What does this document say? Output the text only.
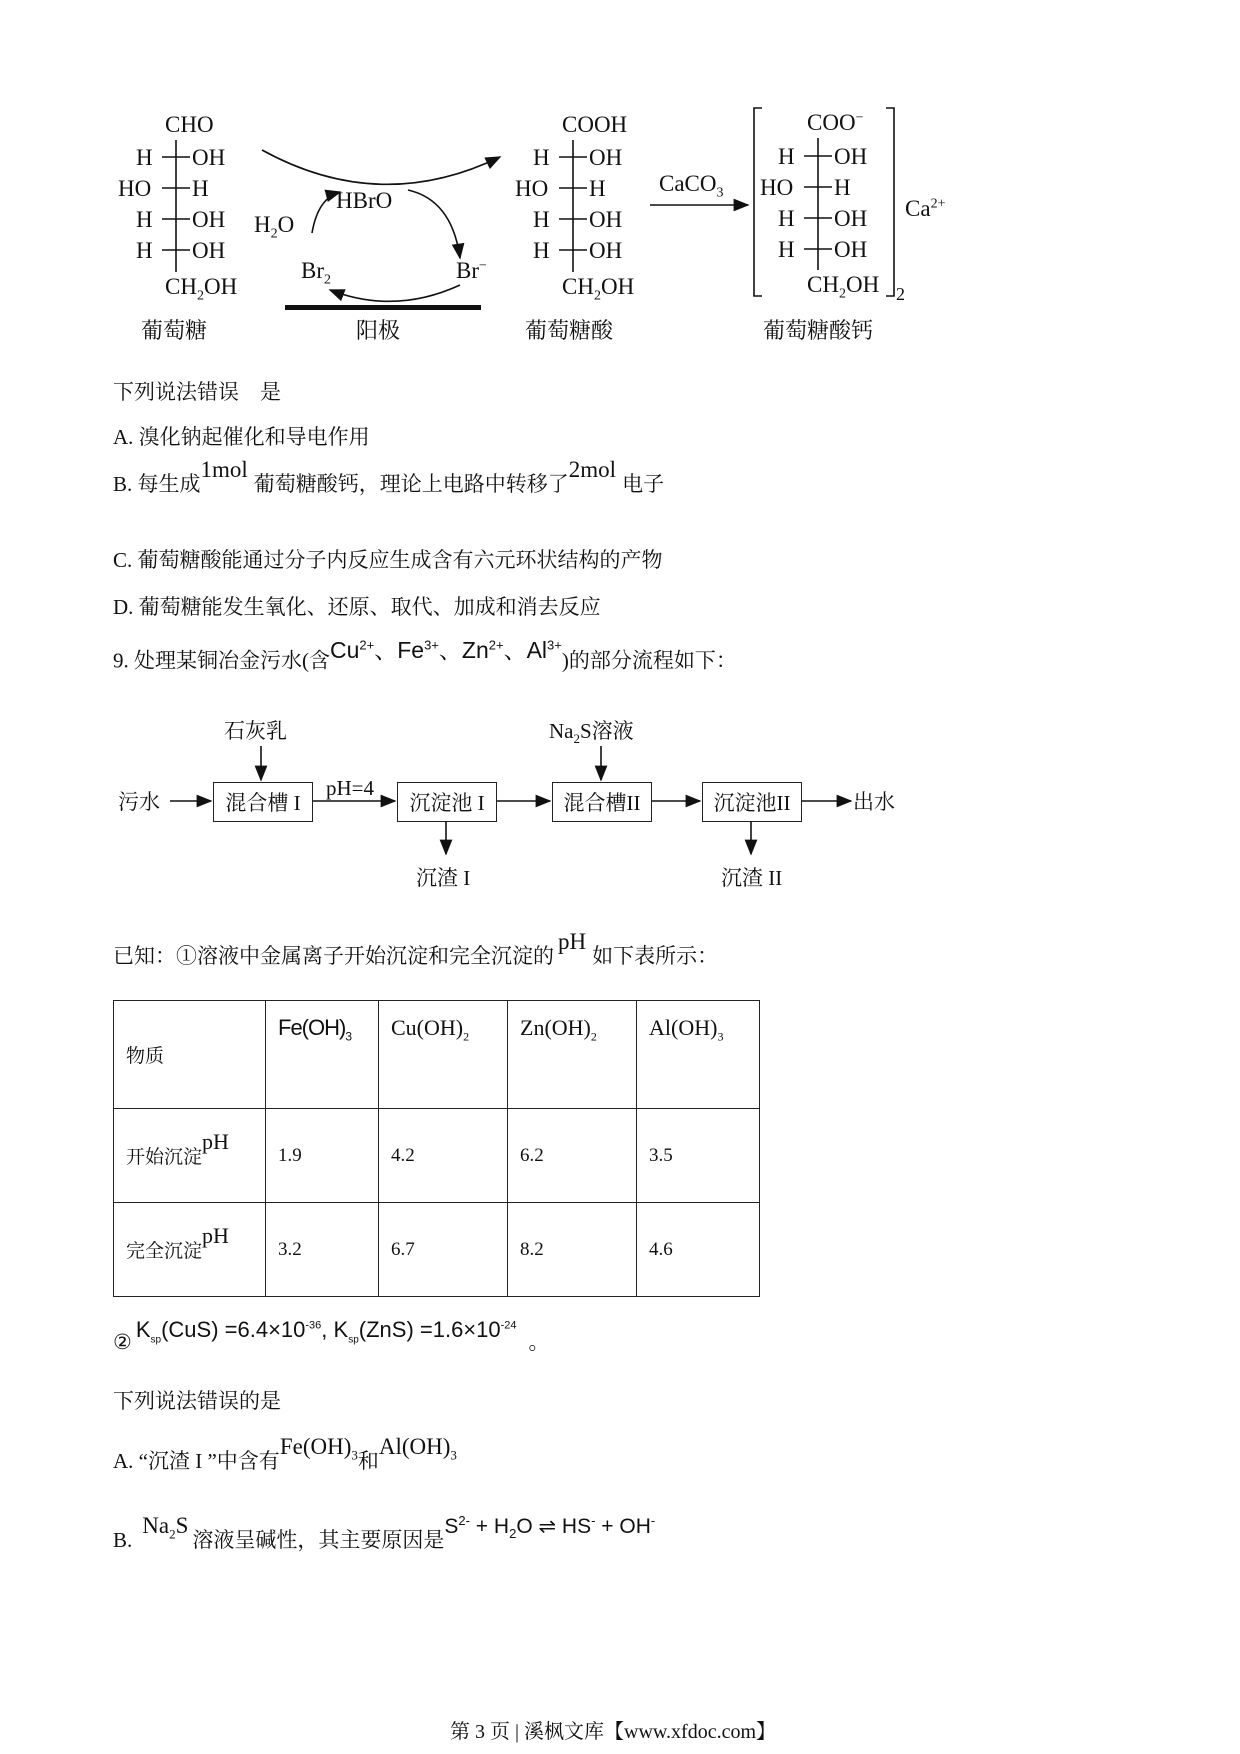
CHO
H OH
HO H
H OH
H OH
$CH_2OH$
葡萄糖
HBrO
$H_2O$
$Br_2$	Br−
阳极
COOH
H OH
HO H
H OH
H OH
$CH_2OH$
葡萄糖酸
CaCO$_3$
COO−
H OH
HO H
H OH
H OH
$CH_2OH$ 2
$Ca^{2+}$
葡萄糖酸钙
下列说法错误　是
A. 溴化钠起催化和导电作用
B. 每生成1mol葡萄糖酸钙，理论上电路中转移了2mol电子
C. 葡萄糖酸能通过分子内反应生成含有六元环状结构的产物
D. 葡萄糖能发生氧化、还原、取代、加成和消去反应
9. 处理某铜冶金污水(含$Cu^{2+}$、$Fe^{3+}$、$Zn^{2+}$、$Al^{3+}$)的部分流程如下：
石灰乳	$Na_2S$溶液
污水	混合槽 I
pH=4
沉淀池 I	混合槽II	沉淀池II	出水
沉渣 I	沉渣 II
已知：①溶液中金属离子开始沉淀和完全沉淀的pH如下表所示：
物质	$Fe(OH)_3$	$Cu(OH)_2$	$Zn(OH)_2$	$Al(OH)_3$
开始沉淀pH	1.9	4.2	6.2	3.5
完全沉淀pH	3.2	6.7	8.2	4.6
② $K_{sp}(CuS) =6.4\times 10^{-36}$, $K_{sp}(ZnS) =1.6\times 10^{-24}$。
下列说法错误的是
A. “沉渣 I ”中含有$Fe(OH)_3$和$Al(OH)_3$
$B.Na_2S$溶液呈碱性，其主要原因是$S^{2-} + H_2O$ ⇌ HS- + OH-
第 3 页 | 溪枫文库【www.xfdoc.com】
